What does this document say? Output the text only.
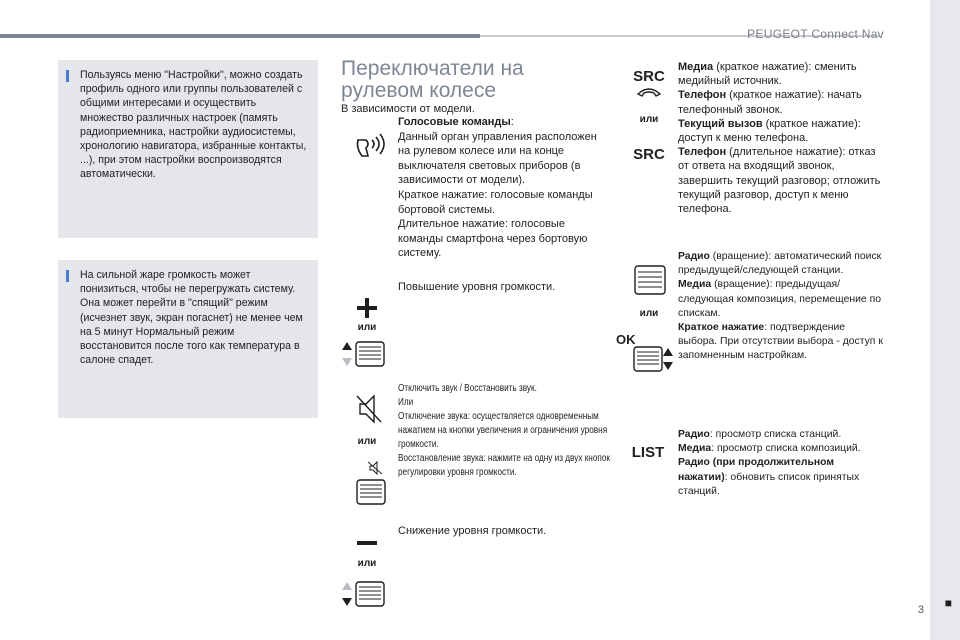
PEUGEOT Connect Nav
■
3
Пользуясь меню "Настройки", можно создать профиль одного или группы пользователей с общими интересами и осуществить множество различных настроек (память радиоприемника, настройки аудиосистемы, хронологию навигатора, избранные контакты, ...), при этом настройки воспроизводятся автоматически.
На сильной жаре громкость может понизиться, чтобы не перегружать систему. Она может перейти в "спящий" режим (исчезнет звук, экран погаснет) не менее чем на 5 минут Нормальный режим восстановится после того как температура в салоне спадет.
Переключатели на рулевом колесе
В зависимости от модели.
Голосовые команды:
Данный орган управления расположен на рулевом колесе или на конце выключателя световых приборов (в зависимости от модели).
Краткое нажатие: голосовые команды бортовой системы.
Длительное нажатие: голосовые команды смартфона через бортовую систему.
или
Повышение уровня громкости.
или
Отключить звук / Восстановить звук.
Или
Отключение звука: осуществляется одновременным нажатием на кнопки увеличения и ограничения уровня громкости.
Восстановление звука: нажмите на одну из двух кнопок регулировки уровня громкости.
или
Снижение уровня громкости.
SRC
или
SRC
Медиа (краткое нажатие): сменить медийный источник.
Телефон (краткое нажатие): начать телефонный звонок.
Текущий вызов (краткое нажатие): доступ к меню телефона.
Телефон (длительное нажатие): отказ от ответа на входящий звонок, завершить текущий разговор; отложить текущий разговор, доступ к меню телефона.
или
OK
Радио (вращение): автоматический поиск предыдущей/следующей станции.
Медиа (вращение): предыдущая/следующая композиция, перемещение по спискам.
Краткое нажатие: подтверждение выбора. При отсутствии выбора - доступ к запомненным настройкам.
LIST
Радио: просмотр списка станций.
Медиа: просмотр списка композиций.
Радио (при продолжительном нажатии): обновить список принятых станций.
